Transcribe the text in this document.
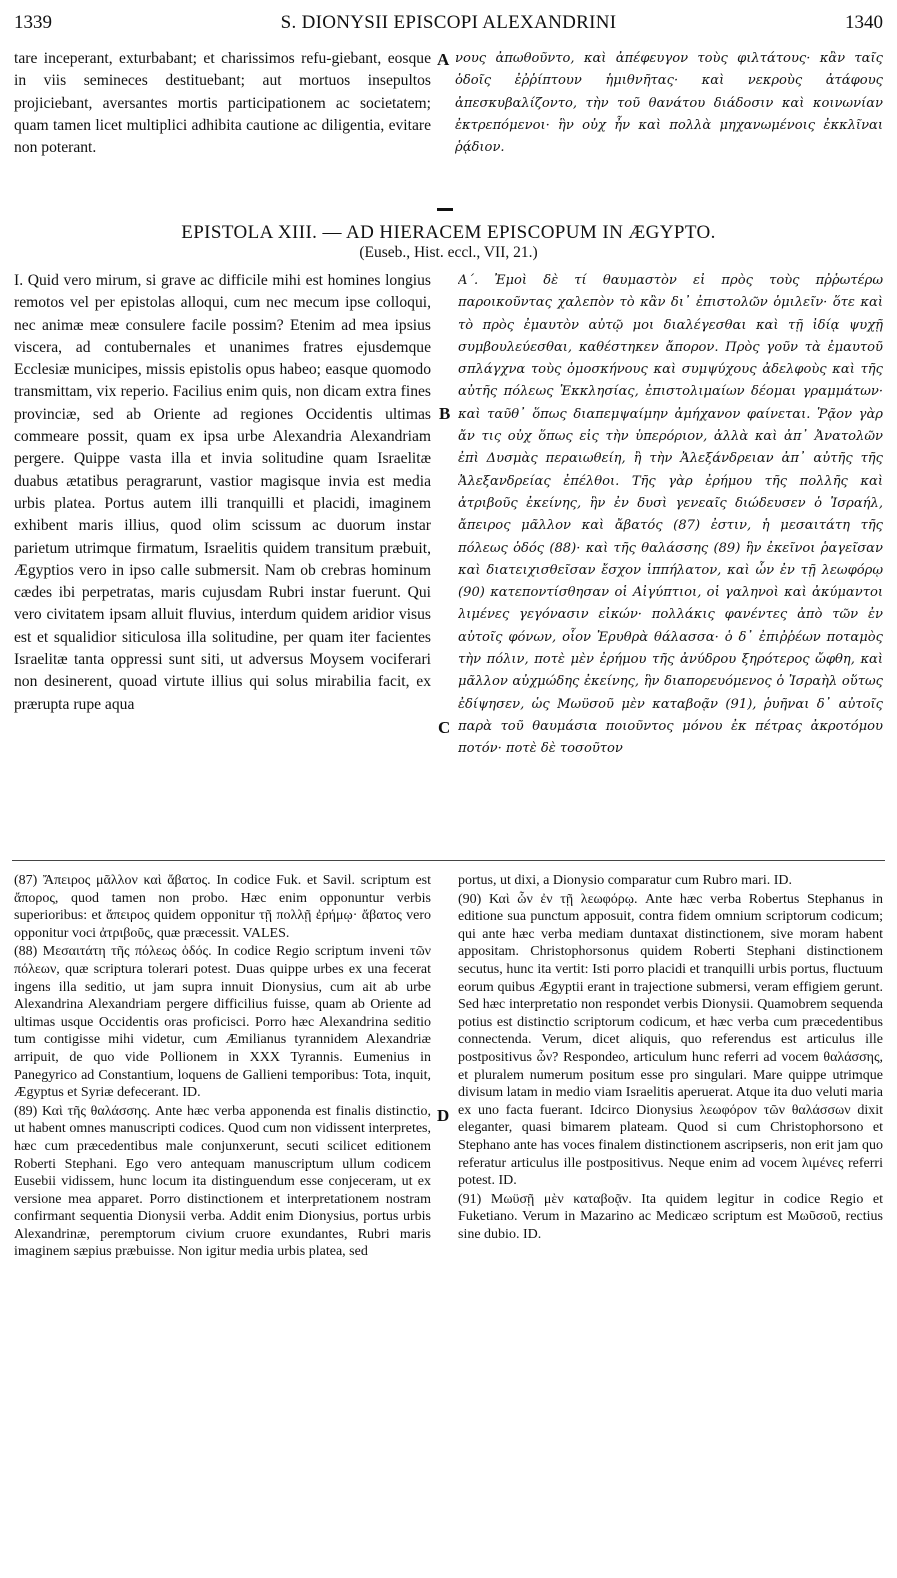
1339	S. DIONYSII EPISCOPI ALEXANDRINI	1340

tare inceperant, exturbabant; et charissimos refu-giebant, eosque in viis semineces destituebant; aut mortuos insepultos projiciebant, aversantes mortis participationem ac societatem; quam tamen licet multiplici adhibita cautione ac diligentia, evitare non poterant.

A νους ἀπωθοῦντο, καὶ ἀπέφευγον τοὺς φιλτάτους· κἂν ταῖς ὁδοῖς ἐῤῥίπτουν ἡμιθνῆτας· καὶ νεκροὺς ἀτάφους ἀπεσκυβαλίζοντο, τὴν τοῦ θανάτου διάδοσιν καὶ κοινωνίαν ἐκτρεπόμενοι· ἣν οὐχ ἦν καὶ πολλὰ μηχανωμένοις ἐκκλῖναι ῥᾴδιον.

EPISTOLA XIII. — AD HIERACEM EPISCOPUM IN ÆGYPTO.
(Euseb., Hist. eccl., VII, 21.)

I. Quid vero mirum, si grave ac difficile mihi est homines longius remotos vel per epistolas alloqui, cum nec mecum ipse colloqui, nec animæ meæ consulere facile possim? Etenim ad mea ipsius viscera, ad contubernales et unanimes fratres ejusdemque Ecclesiæ municipes, missis epistolis opus habeo; easque quomodo transmittam, vix reperio. Facilius enim quis, non dicam extra fines provinciæ, sed ab Oriente ad regiones Occidentis ultimas commeare possit, quam ex ipsa urbe Alexandria Alexandriam pergere. Quippe vasta illa et invia solitudine quam Israelitæ duabus ætatibus peragrarunt, vastior magisque invia est media urbis platea. Portus autem illi tranquilli et placidi, imaginem exhibent maris illius, quod olim scissum ac duorum instar parietum utrimque firmatum, Israelitis quidem transitum præbuit, Ægyptios vero in ipso calle submersit. Nam ob crebras hominum cædes ibi perpetratas, maris cujusdam Rubri instar fuerunt. Qui vero civitatem ipsam alluit fluvius, interdum quidem aridior visus est et squalidior siticulosa illa solitudine, per quam iter facientes Israelitæ tanta oppressi sunt siti, ut adversus Moysem vociferari non desinerent, quoad virtute illius qui solus mirabilia facit, ex prærupta rupe aqua

B
C

Α΄. Ἐμοὶ δὲ τί θαυμαστὸν εἰ πρὸς τοὺς πῤῥωτέρω παροικοῦντας χαλεπὸν τὸ κἂν δι᾽ ἐπιστολῶν ὁμιλεῖν· ὅτε καὶ τὸ πρὸς ἐμαυτὸν αὐτῷ μοι διαλέγεσθαι καὶ τῇ ἰδίᾳ ψυχῇ συμβουλεύεσθαι, καθέστηκεν ἄπορον. Πρὸς γοῦν τὰ ἐμαυτοῦ σπλάγχνα τοὺς ὁμοσκήνους καὶ συμψύχους ἀδελφοὺς καὶ τῆς αὐτῆς πόλεως Ἐκκλησίας, ἐπιστολιμαίων δέομαι γραμμάτων· καὶ ταῦθ᾽ ὅπως διαπεμψαίμην ἀμήχανον φαίνεται. Ῥᾷον γὰρ ἄν τις οὐχ ὅπως εἰς τὴν ὑπερόριον, ἀλλὰ καὶ ἀπ᾽ Ἀνατολῶν ἐπὶ Δυσμὰς περαιωθείη, ἢ τὴν Ἀλεξάνδρειαν ἀπ᾽ αὐτῆς τῆς Ἀλεξανδρείας ἐπέλθοι. Τῆς γὰρ ἐρήμου τῆς πολλῆς καὶ ἀτριβοῦς ἐκείνης, ἣν ἐν δυσὶ γενεαῖς διώδευσεν ὁ Ἰσραήλ, ἄπειρος μᾶλλον καὶ ἄβατός (87) ἐστιν, ἡ μεσαιτάτη τῆς πόλεως ὁδός (88)· καὶ τῆς θαλάσσης (89) ἣν ἐκεῖνοι ῥαγεῖσαν καὶ διατειχισθεῖσαν ἔσχον ἱππήλατον, καὶ ὧν ἐν τῇ λεωφόρῳ (90) κατεποντίσθησαν οἱ Αἰγύπτιοι, οἱ γαληνοὶ καὶ ἀκύμαντοι λιμένες γεγόνασιν εἰκών· πολλάκις φανέντες ἀπὸ τῶν ἐν αὐτοῖς φόνων, οἷον Ἐρυθρὰ θάλασσα· ὁ δ᾽ ἐπιῤῥέων ποταμὸς τὴν πόλιν, ποτὲ μὲν ἐρήμου τῆς ἀνύδρου ξηρότερος ὤφθη, καὶ μᾶλλον αὐχμώδης ἐκείνης, ἣν διαπορευόμενος ὁ Ἰσραὴλ οὕτως ἐδίψησεν, ὡς Μωϋσοῦ μὲν καταβοᾷν (91), ῥυῆναι δ᾽ αὐτοῖς παρὰ τοῦ θαυμάσια ποιοῦντος μόνου ἐκ πέτρας ἀκροτόμου ποτόν· ποτὲ δὲ τοσοῦτον

(87) Ἄπειρος μᾶλλον καὶ ἄβατος. In codice Fuk. et Savil. scriptum est ἄπορος, quod tamen non probo. Hæc enim opponuntur verbis superioribus: et ἄπειρος quidem opponitur τῇ πολλῇ ἐρήμῳ· ἄβατος vero opponitur voci ἀτριβοῦς, quæ præcessit. VALES.

(88) Μεσαιτάτη τῆς πόλεως ὁδός. In codice Regio scriptum inveni τῶν πόλεων, quæ scriptura tolerari potest. Duas quippe urbes ex una fecerat ingens illa seditio, ut jam supra innuit Dionysius, cum ait ab urbe Alexandrina Alexandriam pergere difficilius fuisse, quam ab Oriente ad ultimas usque Occidentis oras proficisci. Porro hæc Alexandrina seditio tum contigisse mihi videtur, cum Æmilianus tyrannidem Alexandriæ arripuit, de quo vide Pollionem in XXX Tyrannis. Eumenius in Panegyrico ad Constantium, loquens de Gallieni temporibus: Tota, inquit, Ægyptus et Syriæ defecerant. ID.

(89) Καὶ τῆς θαλάσσης. Ante hæc verba apponenda est finalis distinctio, ut habent omnes manuscripti codices. Quod cum non vidissent interpretes, hæc cum præcedentibus male conjunxerunt, secuti scilicet editionem Roberti Stephani. Ego vero antequam manuscriptum ullum codicem Eusebii vidissem, hunc locum ita distinguendum esse conjeceram, ut ex versione mea apparet. Porro distinctionem et interpretationem nostram confirmant sequentia Dionysii verba. Addit enim Dionysius, portus urbis Alexandrinæ, peremptorum civium cruore exundantes, Rubri maris imaginem sæpius præbuisse. Non igitur media urbis platea, sed

D

portus, ut dixi, a Dionysio comparatur cum Rubro mari. ID.

(90) Καὶ ὧν ἐν τῇ λεωφόρῳ. Ante hæc verba Robertus Stephanus in editione sua punctum apposuit, contra fidem omnium scriptorum codicum; qui ante hæc verba mediam duntaxat distinctionem, sive moram habent appositam. Christophorsonus quidem Roberti Stephani distinctionem secutus, hunc ita vertit: Isti porro placidi et tranquilli urbis portus, fluctuum eorum quibus Ægyptii erant in trajectione submersi, veram effigiem gerunt. Sed hæc interpretatio non respondet verbis Dionysii. Quamobrem sequenda potius est distinctio scriptorum codicum, et hæc verba cum præcedentibus connectenda. Verum, dicet aliquis, quo referendus est articulus ille postpositivus ὧν? Respondeo, articulum hunc referri ad vocem θαλάσσης, et pluralem numerum positum esse pro singulari. Mare quippe utrimque divisum latam in medio viam Israelitis aperuerat. Atque ita duo veluti maria ex uno facta fuerant. Idcirco Dionysius λεωφόρον τῶν θαλάσσων dixit eleganter, quasi bimarem plateam. Quod si cum Christophorsono et Stephano ante has voces finalem distinctionem ascripseris, non erit jam quo referatur articulus ille postpositivus. Neque enim ad vocem λιμένες referri potest. ID.

(91) Μωϋσῇ μὲν καταβοᾷν. Ita quidem legitur in codice Regio et Fuketiano. Verum in Mazarino ac Medicæo scriptum est Μωῦσοῦ, rectius sine dubio. ID.
